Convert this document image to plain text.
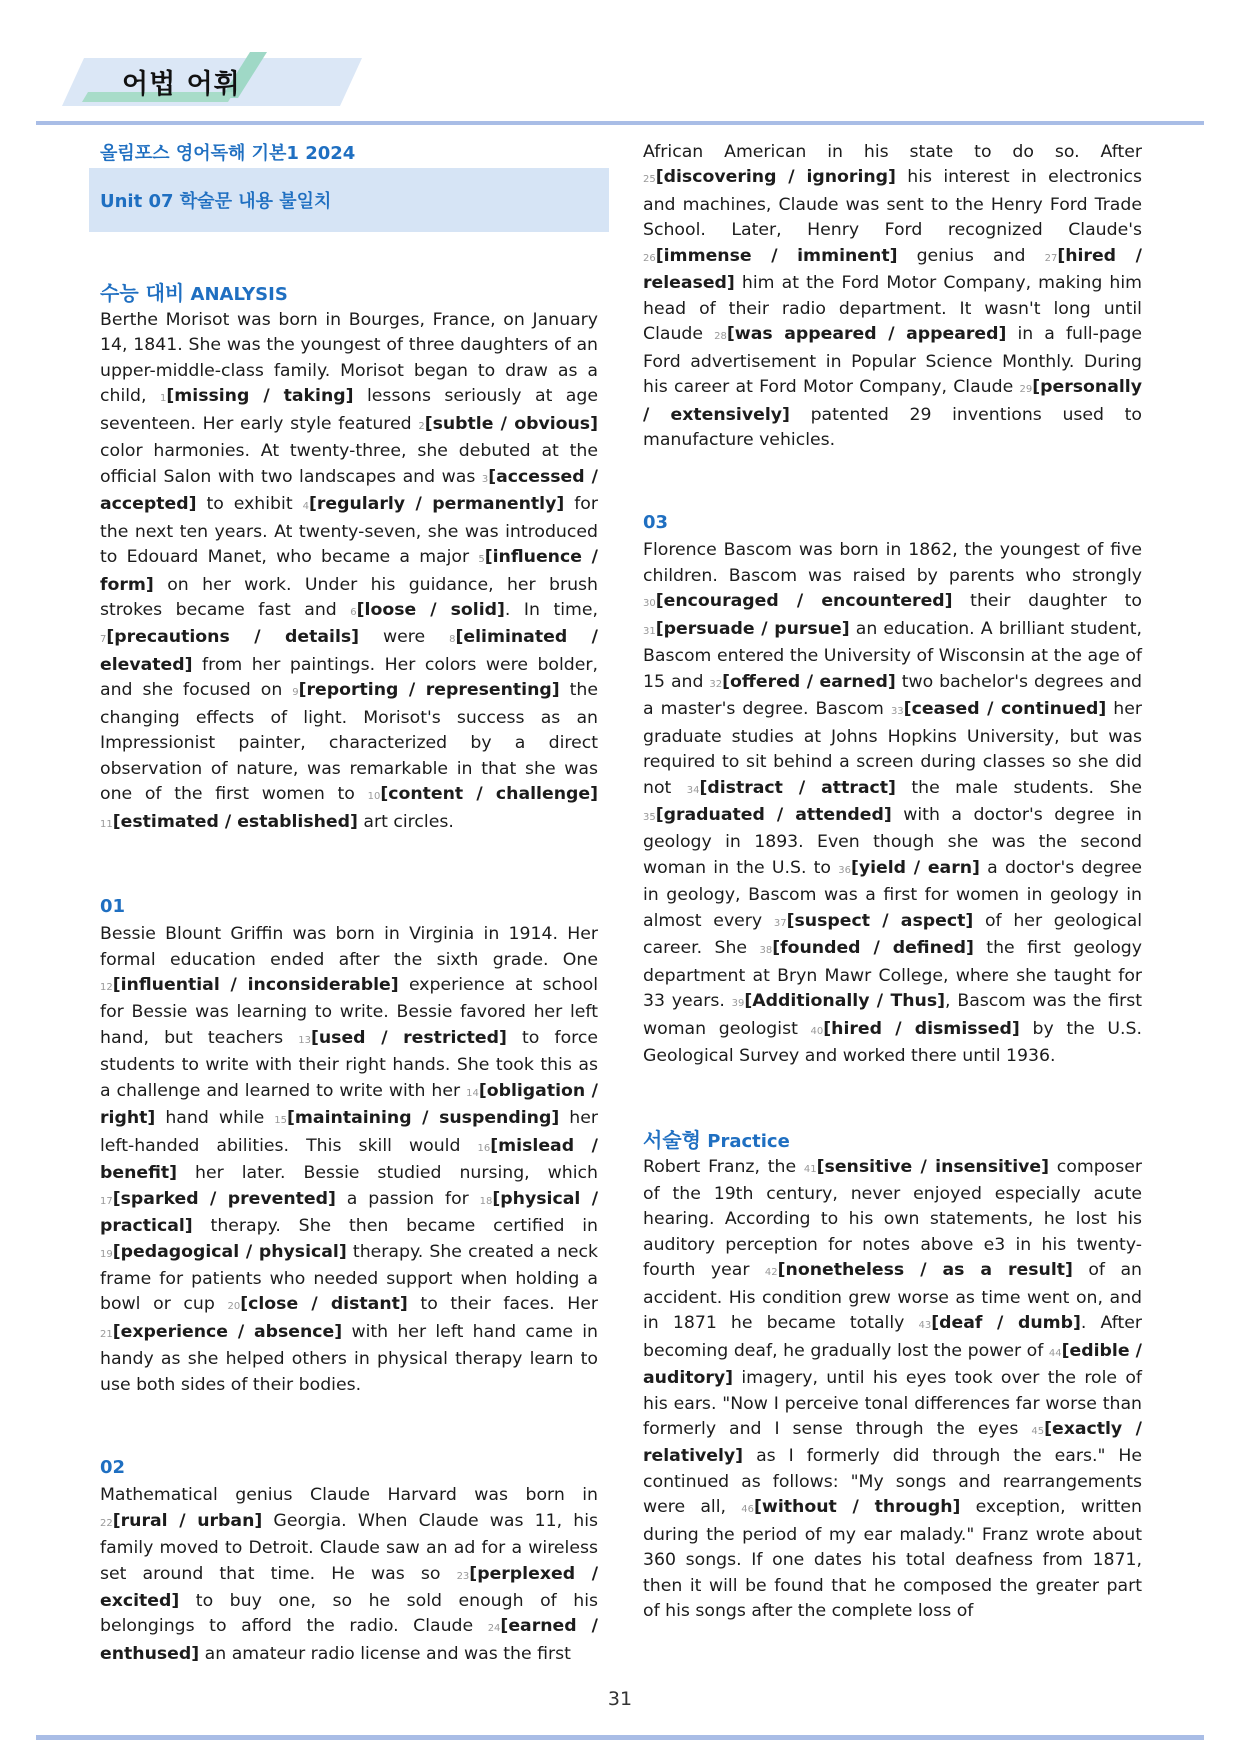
어법 어휘
올림포스 영어독해 기본1 2024
Unit 07 학술문 내용 불일치
수능 대비 ANALYSIS

Berthe Morisot was born in Bourges, France, on January 14, 1841. She was the youngest of three daughters of an upper-middle-class family. Morisot began to draw as a child, 1[missing / taking] lessons seriously at age seventeen. Her early style featured 2[subtle / obvious] color harmonies. At twenty-three, she debuted at the official Salon with two landscapes and was 3[accessed / accepted] to exhibit 4[regularly / permanently] for the next ten years. At twenty-seven, she was introduced to Edouard Manet, who became a major 5[influence / form] on her work. Under his guidance, her brush strokes became fast and 6[loose / solid]. In time, 7[precautions / details] were 8[eliminated / elevated] from her paintings. Her colors were bolder, and she focused on 9[reporting / representing] the changing effects of light. Morisot's success as an Impressionist painter, characterized by a direct observation of nature, was remarkable in that she was one of the first women to 10[content / challenge] 11[estimated / established] art circles.

01

Bessie Blount Griffin was born in Virginia in 1914. Her formal education ended after the sixth grade. One 12[influential / inconsiderable] experience at school for Bessie was learning to write. Bessie favored her left hand, but teachers 13[used / restricted] to force students to write with their right hands. She took this as a challenge and learned to write with her 14[obligation / right] hand while 15[maintaining / suspending] her left-handed abilities. This skill would 16[mislead / benefit] her later. Bessie studied nursing, which 17[sparked / prevented] a passion for 18[physical / practical] therapy. She then became certified in 19[pedagogical / physical] therapy. She created a neck frame for patients who needed support when holding a bowl or cup 20[close / distant] to their faces. Her 21[experience / absence] with her left hand came in handy as she helped others in physical therapy learn to use both sides of their bodies.

02

Mathematical genius Claude Harvard was born in 22[rural / urban] Georgia. When Claude was 11, his family moved to Detroit. Claude saw an ad for a wireless set around that time. He was so 23[perplexed / excited] to buy one, so he sold enough of his belongings to afford the radio. Claude 24[earned / enthused] an amateur radio license and was the first

African American in his state to do so. After 25[discovering / ignoring] his interest in electronics and machines, Claude was sent to the Henry Ford Trade School. Later, Henry Ford recognized Claude's 26[immense / imminent] genius and 27[hired / released] him at the Ford Motor Company, making him head of their radio department. It wasn't long until Claude 28[was appeared / appeared] in a full-page Ford advertisement in Popular Science Monthly. During his career at Ford Motor Company, Claude 29[personally / extensively] patented 29 inventions used to manufacture vehicles.

03

Florence Bascom was born in 1862, the youngest of five children. Bascom was raised by parents who strongly 30[encouraged / encountered] their daughter to 31[persuade / pursue] an education. A brilliant student, Bascom entered the University of Wisconsin at the age of 15 and 32[offered / earned] two bachelor's degrees and a master's degree. Bascom 33[ceased / continued] her graduate studies at Johns Hopkins University, but was required to sit behind a screen during classes so she did not 34[distract / attract] the male students. She 35[graduated / attended] with a doctor's degree in geology in 1893. Even though she was the second woman in the U.S. to 36[yield / earn] a doctor's degree in geology, Bascom was a first for women in geology in almost every 37[suspect / aspect] of her geological career. She 38[founded / defined] the first geology department at Bryn Mawr College, where she taught for 33 years. 39[Additionally / Thus], Bascom was the first woman geologist 40[hired / dismissed] by the U.S. Geological Survey and worked there until 1936.

서술형 Practice

Robert Franz, the 41[sensitive / insensitive] composer of the 19th century, never enjoyed especially acute hearing. According to his own statements, he lost his auditory perception for notes above e3 in his twenty-fourth year 42[nonetheless / as a result] of an accident. His condition grew worse as time went on, and in 1871 he became totally 43[deaf / dumb]. After becoming deaf, he gradually lost the power of 44[edible / auditory] imagery, until his eyes took over the role of his ears. "Now I perceive tonal differences far worse than formerly and I sense through the eyes 45[exactly / relatively] as I formerly did through the ears." He continued as follows: "My songs and rearrangements were all, 46[without / through] exception, written during the period of my ear malady." Franz wrote about 360 songs. If one dates his total deafness from 1871, then it will be found that he composed the greater part of his songs after the complete loss of

31
